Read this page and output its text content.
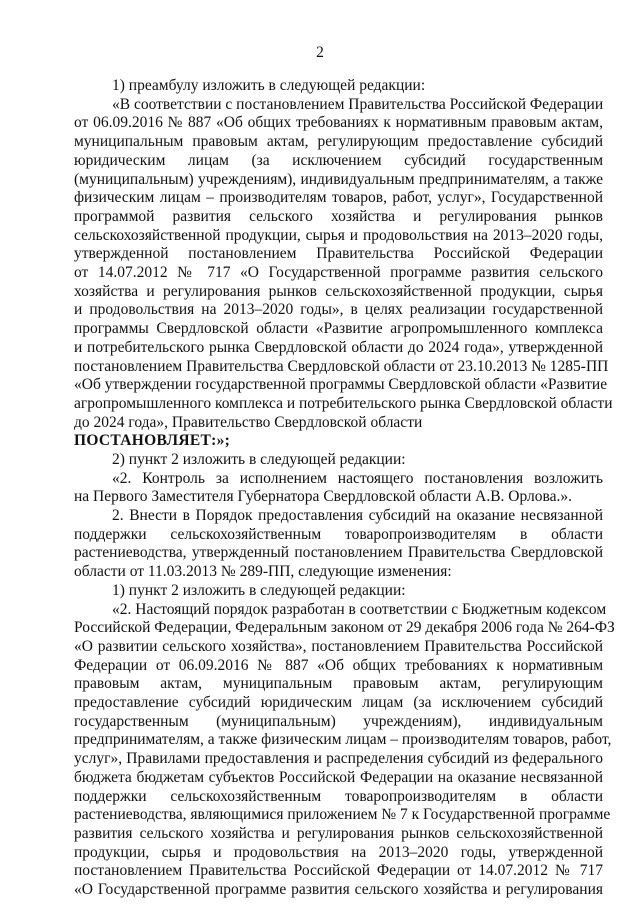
2
1) преамбулу изложить в следующей редакции:
«В соответствии с постановлением Правительства Российской Федерации
от 06.09.2016 № 887 «Об общих требованиях к нормативным правовым актам,
муниципальным правовым актам, регулирующим предоставление субсидий
юридическим лицам (за исключением субсидий государственным
(муниципальным) учреждениям), индивидуальным предпринимателям, а также
физическим лицам – производителям товаров, работ, услуг», Государственной
программой развития сельского хозяйства и регулирования рынков
сельскохозяйственной продукции, сырья и продовольствия на 2013–2020 годы,
утвержденной постановлением Правительства Российской Федерации
от 14.07.2012 № 717 «О Государственной программе развития сельского
хозяйства и регулирования рынков сельскохозяйственной продукции, сырья
и продовольствия на 2013–2020 годы», в целях реализации государственной
программы Свердловской области «Развитие агропромышленного комплекса
и потребительского рынка Свердловской области до 2024 года», утвержденной
постановлением Правительства Свердловской области от 23.10.2013 № 1285-ПП
«Об утверждении государственной программы Свердловской области «Развитие
агропромышленного комплекса и потребительского рынка Свердловской области
до 2024 года», Правительство Свердловской области
ПОСТАНОВЛЯЕТ:»;
2) пункт 2 изложить в следующей редакции:
«2. Контроль за исполнением настоящего постановления возложить
на Первого Заместителя Губернатора Свердловской области А.В. Орлова.».
2. Внести в Порядок предоставления субсидий на оказание несвязанной
поддержки сельскохозяйственным товаропроизводителям в области
растениеводства, утвержденный постановлением Правительства Свердловской
области от 11.03.2013 № 289-ПП, следующие изменения:
1) пункт 2 изложить в следующей редакции:
«2. Настоящий порядок разработан в соответствии с Бюджетным кодексом
Российской Федерации, Федеральным законом от 29 декабря 2006 года № 264-ФЗ
«О развитии сельского хозяйства», постановлением Правительства Российской
Федерации от 06.09.2016 № 887 «Об общих требованиях к нормативным
правовым актам, муниципальным правовым актам, регулирующим
предоставление субсидий юридическим лицам (за исключением субсидий
государственным (муниципальным) учреждениям), индивидуальным
предпринимателям, а также физическим лицам – производителям товаров, работ,
услуг», Правилами предоставления и распределения субсидий из федерального
бюджета бюджетам субъектов Российской Федерации на оказание несвязанной
поддержки сельскохозяйственным товаропроизводителям в области
растениеводства, являющимися приложением № 7 к Государственной программе
развития сельского хозяйства и регулирования рынков сельскохозяйственной
продукции, сырья и продовольствия на 2013–2020 годы, утвержденной
постановлением Правительства Российской Федерации от 14.07.2012 № 717
«О Государственной программе развития сельского хозяйства и регулирования
